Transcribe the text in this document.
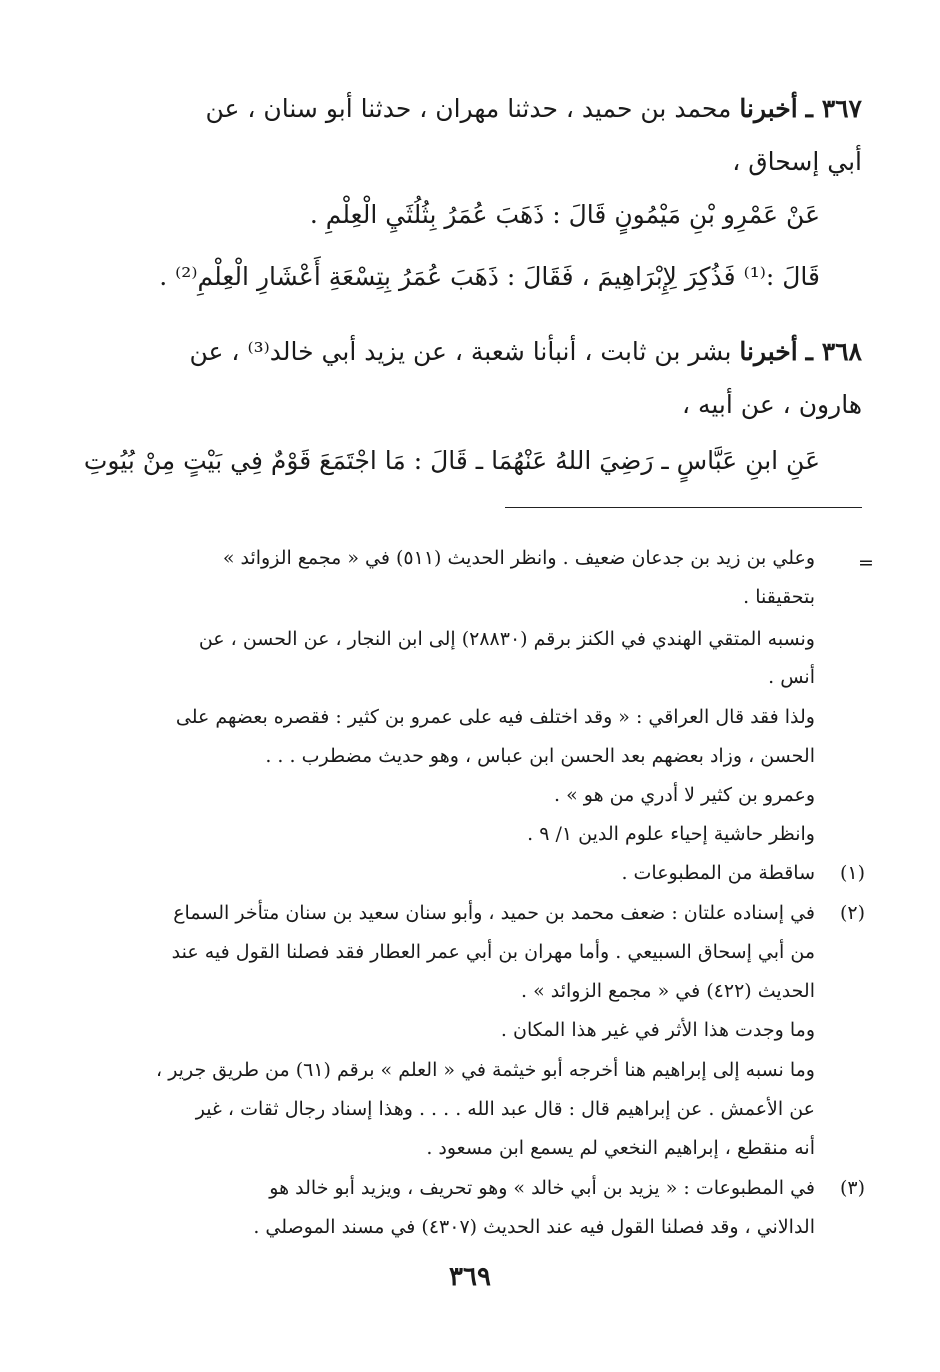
٣٦٧ ـ أخبرنا محمد بن حميد ، حدثنا مهران ، حدثنا أبو سنان ، عن
أبي إسحاق ،
عَنْ عَمْرِو بْنِ مَيْمُونٍ قَالَ : ذَهَبَ عُمَرُ بِثُلُثَيِ الْعِلْمِ .
قَالَ :⁽¹⁾ فَذُكِرَ لِإِبْرَاهِيمَ ، فَقَالَ : ذَهَبَ عُمَرُ بِتِسْعَةِ أَعْشَارِ الْعِلْمِ⁽²⁾ .
٣٦٨ ـ أخبرنا بشر بن ثابت ، أنبأنا شعبة ، عن يزيد أبي خالد⁽³⁾ ، عن
هارون ، عن أبيه ،
عَنِ ابنِ عَبَّاسٍ ـ رَضِيَ اللهُ عَنْهُمَا ـ قَالَ : مَا اجْتَمَعَ قَوْمٌ فِي بَيْتٍ مِنْ بُيُوتِ
=
وعلي بن زيد بن جدعان ضعيف . وانظر الحديث (٥١١) في « مجمع الزوائد »
بتحقيقنا .
ونسبه المتقي الهندي في الكنز برقم (٢٨٨٣٠) إلى ابن النجار ، عن الحسن ، عن
أنس .
ولذا فقد قال العراقي : « وقد اختلف فيه على عمرو بن كثير : فقصره بعضهم على
الحسن ، وزاد بعضهم بعد الحسن ابن عباس ، وهو حديث مضطرب . . .
وعمرو بن كثير لا أدري من هو » .
وانظر حاشية إحياء علوم الدين ١/ ٩ .
(١)
ساقطة من المطبوعات .
(٢)
في إسناده علتان : ضعف محمد بن حميد ، وأبو سنان سعيد بن سنان متأخر السماع
من أبي إسحاق السبيعي . وأما مهران بن أبي عمر العطار فقد فصلنا القول فيه عند
الحديث (٤٢٢) في « مجمع الزوائد » .
وما وجدت هذا الأثر في غير هذا المكان .
وما نسبه إلى إبراهيم هنا أخرجه أبو خيثمة في « العلم » برقم (٦١) من طريق جرير ،
عن الأعمش . عن إبراهيم قال : قال عبد الله . . . . وهذا إسناد رجال ثقات ، غير
أنه منقطع ، إبراهيم النخعي لم يسمع ابن مسعود .
(٣)
في المطبوعات : « يزيد بن أبي خالد » وهو تحريف ، ويزيد أبو خالد هو
الدالاني ، وقد فصلنا القول فيه عند الحديث (٤٣٠٧) في مسند الموصلي .
٣٦٩
